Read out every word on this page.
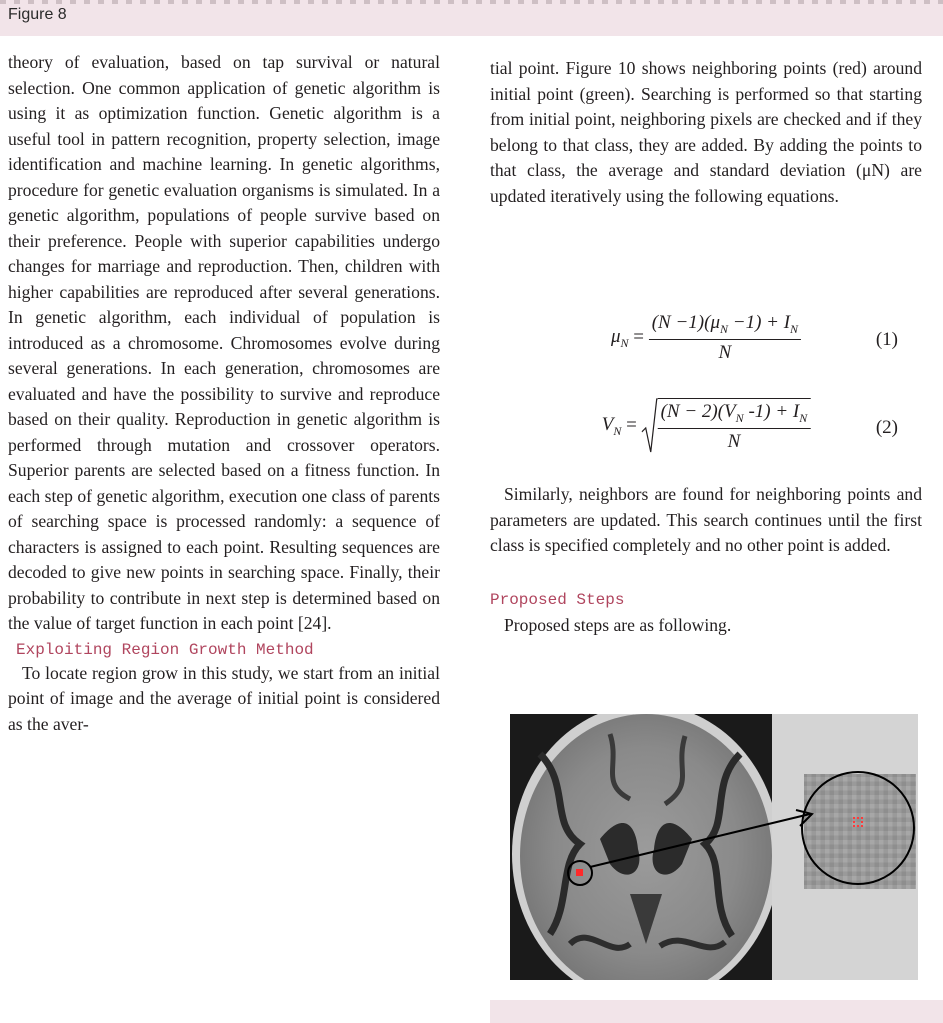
Figure 8

theory of evaluation, based on tap survival or natural selection. One common application of genetic algorithm is using it as optimization function. Genetic algorithm is a useful tool in pattern recognition, property selection, image identification and machine learning. In genetic algorithms, procedure for genetic evaluation organisms is simulated. In a genetic algorithm, populations of people survive based on their preference. People with superior capabilities undergo changes for marriage and reproduction. Then, children with higher capabilities are reproduced after several generations. In genetic algorithm, each individual of population is introduced as a chromosome. Chromosomes evolve during several generations. In each generation, chromosomes are evaluated and have the possibility to survive and reproduce based on their quality. Reproduction in genetic algorithm is performed through mutation and crossover operators. Superior parents are selected based on a fitness function. In each step of genetic algorithm, execution one class of parents of searching space is processed randomly: a sequence of characters is assigned to each point. Resulting sequences are decoded to give new points in searching space. Finally, their probability to contribute in next step is determined based on the value of target function in each point [24].

Exploiting Region Growth Method

To locate region grow in this study, we start from an initial point of image and the average of initial point is considered as the aver-

tial point. Figure 10 shows neighboring points (red) around initial point (green). Searching is performed so that starting from initial point, neighboring pixels are checked and if they belong to that class, they are added. By adding the points to that class, the average and standard deviation (μN) are updated iteratively using the following equations.

$\mu_N = \frac{(N -1)(\mu_N -1) + I_N}{N}$	(1)
$V_N = \frac{(N - 2)(V_N -1) + I_N}{N}$	(2)

Similarly, neighbors are found for neighboring points and parameters are updated. This search continues until the first class is specified completely and no other point is added.

Proposed Steps

Proposed steps are as following.
